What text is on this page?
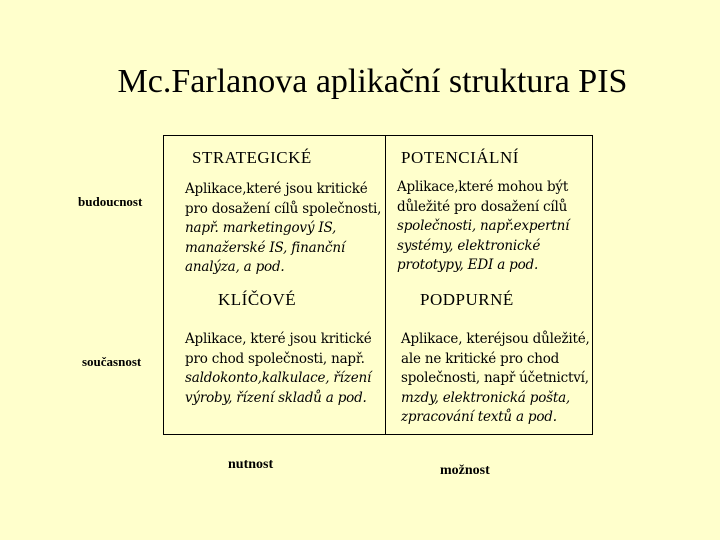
Mc.Farlanova aplikační struktura PIS
budoucnost
současnost
STRATEGICKÉ
Aplikace,které jsou kritické
pro dosažení cílů společnosti,
např. marketingový IS,
manažerské IS, finanční
analýza, a pod.
POTENCIÁLNÍ
Aplikace,které mohou být
důležité pro dosažení cílů
společnosti, např.expertní
systémy, elektronické
prototypy, EDI a pod.
KLÍČOVÉ
Aplikace, které jsou kritické
pro chod společnosti, např.
saldokonto,kalkulace, řízení
výroby, řízení skladů a pod.
PODPURNÉ
Aplikace, kteréjsou důležité,
ale ne kritické pro chod
společnosti, např účetnictví,
mzdy, elektronická pošta,
zpracování textů a pod.
nutnost	možnost
